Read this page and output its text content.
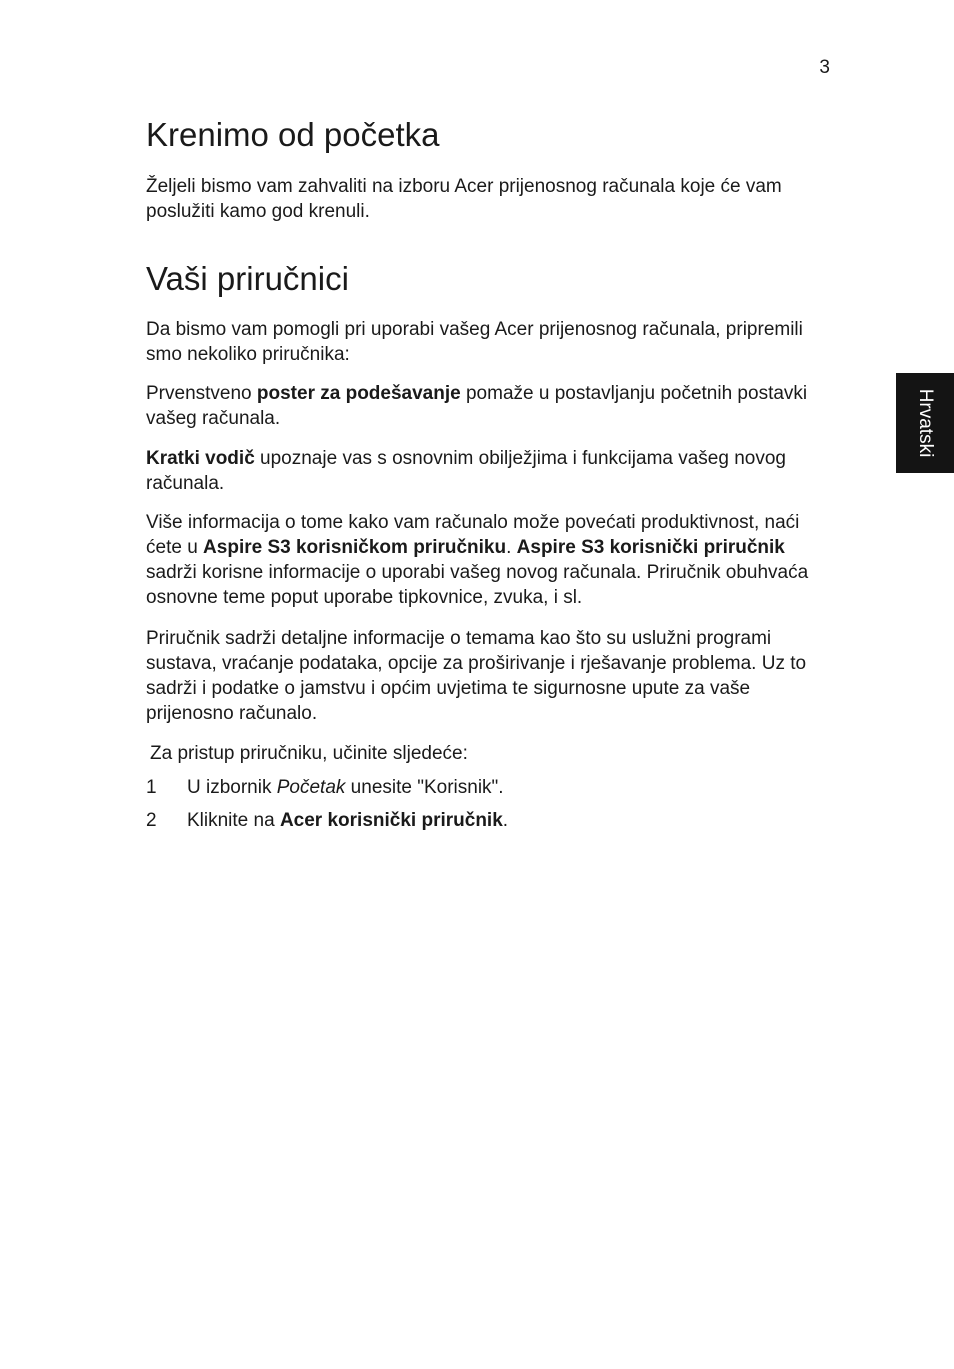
3
Hrvatski
Krenimo od početka

Željeli bismo vam zahvaliti na izboru Acer prijenosnog računala koje će vam poslužiti kamo god krenuli.

Vaši priručnici

Da bismo vam pomogli pri uporabi vašeg Acer prijenosnog računala, pripremili smo nekoliko priručnika:

Prvenstveno poster za podešavanje pomaže u postavljanju početnih postavki vašeg računala.

Kratki vodič upoznaje vas s osnovnim obilježjima i funkcijama vašeg novog računala.

Više informacija o tome kako vam računalo može povećati produktivnost, naći ćete u Aspire S3 korisničkom priručniku. Aspire S3 korisnički priručnik sadrži korisne informacije o uporabi vašeg novog računala. Priručnik obuhvaća osnovne teme poput uporabe tipkovnice, zvuka, i sl.

Priručnik sadrži detaljne informacije o temama kao što su uslužni programi sustava, vraćanje podataka, opcije za proširivanje i rješavanje problema. Uz to sadrži i podatke o jamstvu i općim uvjetima te sigurnosne upute za vaše prijenosno računalo.

Za pristup priručniku, učinite sljedeće:

1 U izbornik Početak unesite "Korisnik".
2 Kliknite na Acer korisnički priručnik.
